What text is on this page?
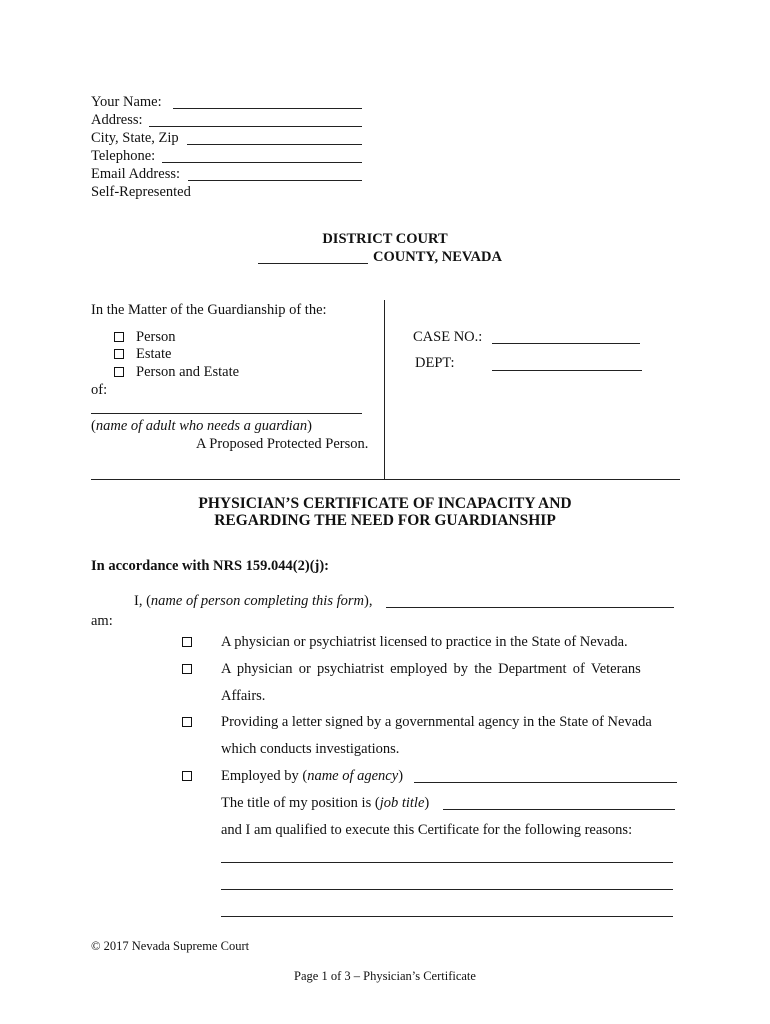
Your Name:
Address:
City, State, Zip
Telephone:
Email Address:
Self-Represented
DISTRICT COURT
COUNTY, NEVADA
In the Matter of the Guardianship of the:
Person
Estate
Person and Estate
of:
(name of adult who needs a guardian)
A Proposed Protected Person.
CASE NO.:
DEPT:
PHYSICIAN’S CERTIFICATE OF INCAPACITY AND
REGARDING THE NEED FOR GUARDIANSHIP
In accordance with NRS 159.044(2)(j):
I, (name of person completing this form),
am:
A physician or psychiatrist licensed to practice in the State of Nevada.
A physician or psychiatrist employed by the Department of Veterans
Affairs.
Providing a letter signed by a governmental agency in the State of Nevada
which conducts investigations.
Employed by (name of agency)
The title of my position is (job title)
and I am qualified to execute this Certificate for the following reasons:
© 2017 Nevada Supreme Court
Page 1 of 3 – Physician’s Certificate
